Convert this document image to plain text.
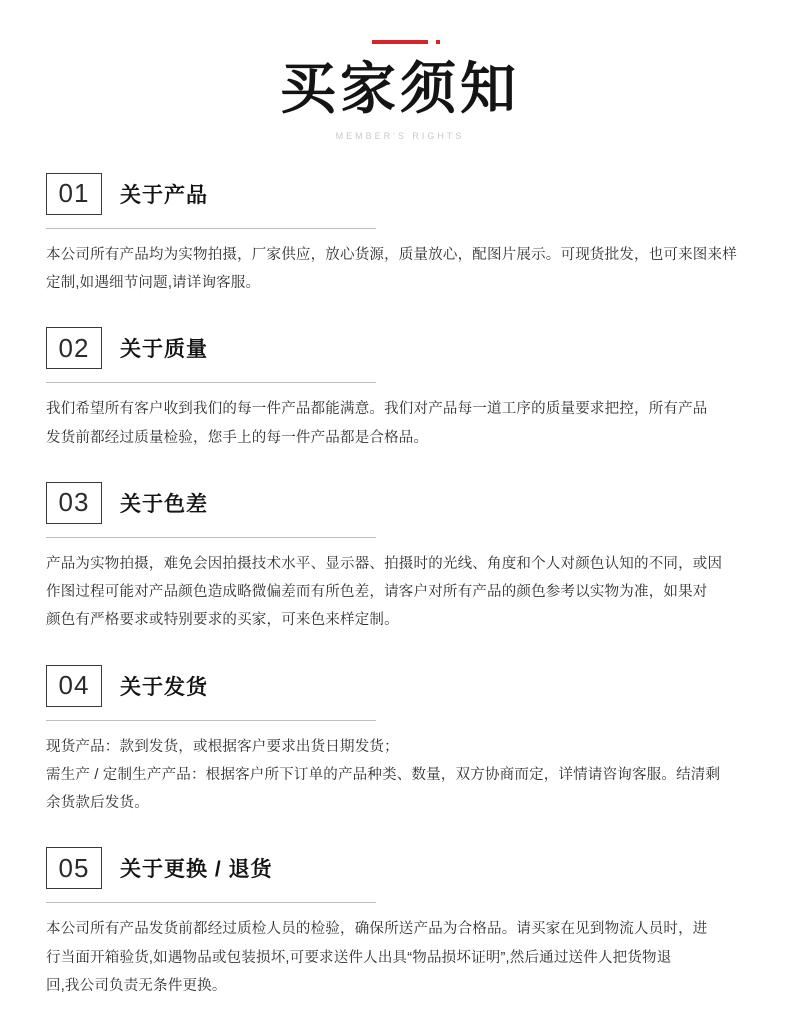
买家须知
MEMBER'S RIGHTS
01	关于产品

本公司所有产品均为实物拍摄，厂家供应，放心货源，质量放心，配图片展示。可现货批发，也可来图来样

定制,如遇细节问题,请详询客服。

02	关于质量

我们希望所有客户收到我们的每一件产品都能满意。我们对产品每一道工序的质量要求把控，所有产品

发货前都经过质量检验，您手上的每一件产品都是合格品。

03	关于色差

产品为实物拍摄，难免会因拍摄技术水平、显示器、拍摄时的光线、角度和个人对颜色认知的不同，或因

作图过程可能对产品颜色造成略微偏差而有所色差，请客户对所有产品的颜色参考以实物为准，如果对

颜色有严格要求或特别要求的买家，可来色来样定制。

04	关于发货

现货产品：款到发货，或根据客户要求出货日期发货；

需生产 / 定制生产产品：根据客户所下订单的产品种类、数量，双方协商而定，详情请咨询客服。结清剩

余货款后发货。

05	关于更换 / 退货

本公司所有产品发货前都经过质检人员的检验，确保所送产品为合格品。请买家在见到物流人员时，进

行当面开箱验货,如遇物品或包装损坏,可要求送件人出具“物品损坏证明”,然后通过送件人把货物退

回,我公司负责无条件更换。
